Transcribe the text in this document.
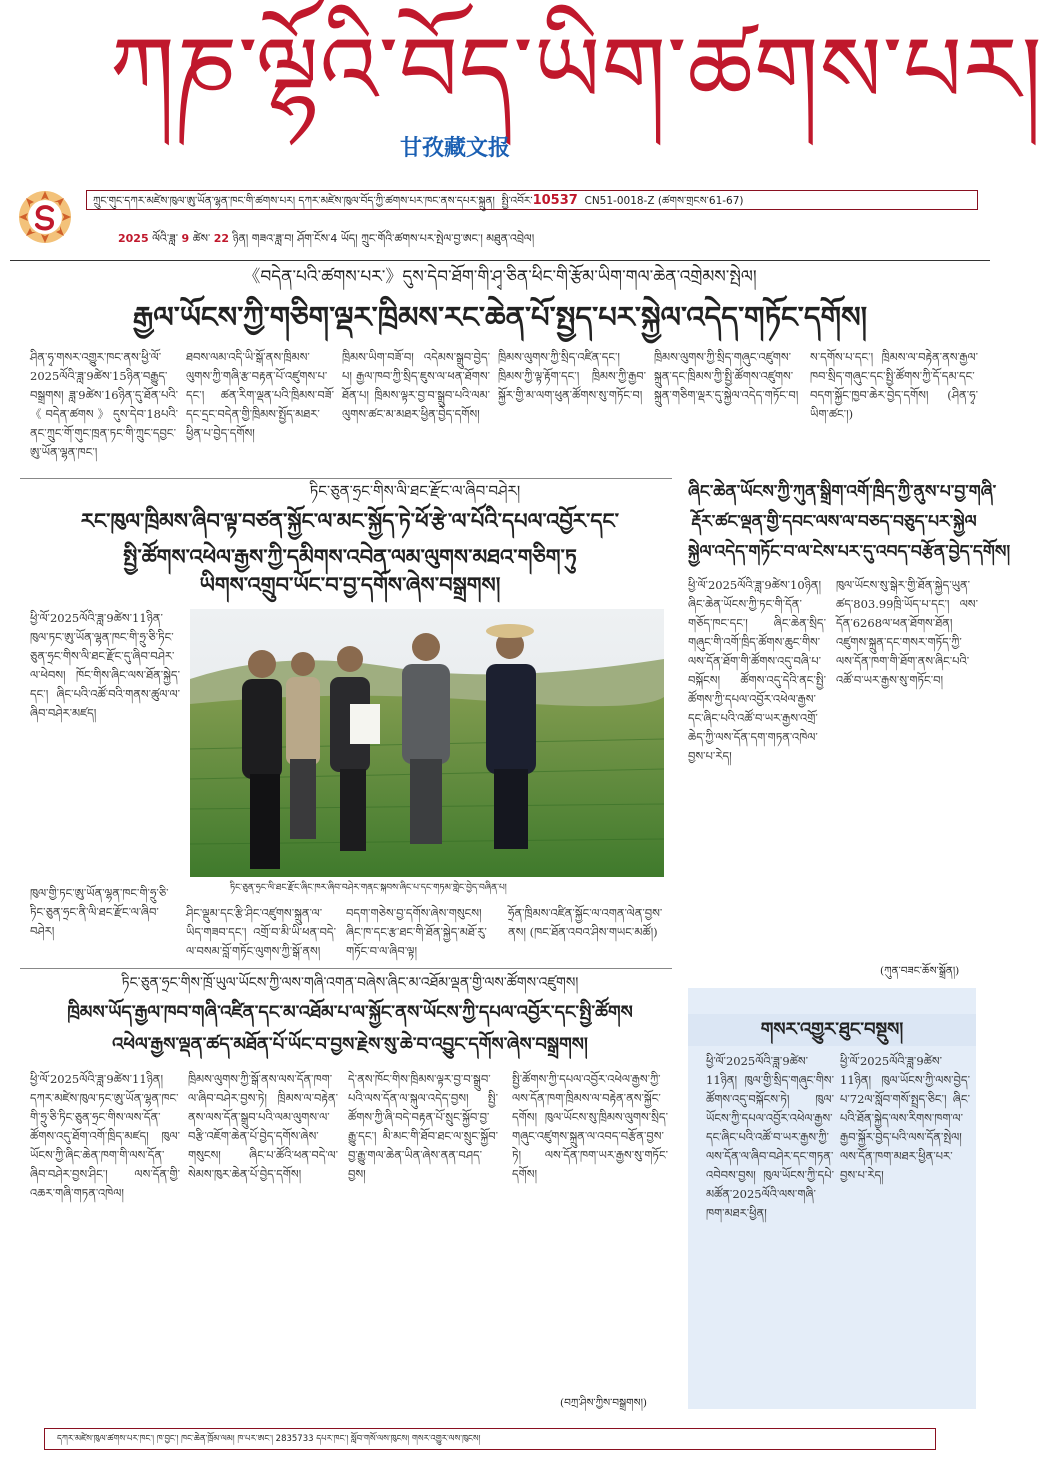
ཀཎ་ལྷོའི་བོད་ཡིག་ཚགས་པར།
甘孜藏文报
ཀྲུང་གུང་དཀར་མཛེས་ཁུལ་ཨུ་ཡོན་ལྷན་ཁང་གི་ཚགས་པར། དཀར་མཛེས་ཁུལ་བོད་ཀྱི་ཚགས་པར་ཁང་ནས་དཔར་སྐྲུན། སྤྱི་འབོར་10537 CN51-0018-Z (ཚགས་གྲངས་61-67)
2025 ལོའི་ཟླ་ 9 ཚེས་ 22 ཉིན། གཟའ་ཟླ་བ། ཤོག་ངོས་4 ཡོད། ཀྲུང་གོའི་ཚགས་པར་སྤེལ་བྱ་ཨང་། མཐུན་འབྲེལ།
《བདེན་པའི་ཚགས་པར་》དུས་དེབ་ཐོག་གི་ཤྭ་ཅིན་ཕིང་གི་རྩོམ་ཡིག་གལ་ཆེན་འགྲེམས་སྤེལ།
རྒྱལ་ཡོངས་ཀྱི་གཅིག་ལྡར་ཁྲིམས་རང་ཆེན་པོ་སྤྱད་པར་སྐྱེལ་འདེད་གཏོང་དགོས།
ཤིན་ཧྭ་གསར་འགྱུར་ཁང་ནས་ཕྱི་ལོ་2025ལོའི་ཟླ་9ཚེས་15ཉིན་བརྒྱུད་བསྒྲགས། ཟླ་9ཚེས་16ཉིན་དུ་ཐོན་པའི་《བདེན་ཚགས》དུས་དེབ་18པའི་ནང་ཀྲུང་གོ་གུང་ཁྲན་ཏང་གི་ཀྲུང་དབྱང་ཨུ་ཡོན་ལྷན་ཁང་།
ཐབས་ལམ་འདི་ཡི་སྒོ་ནས་ཁྲིམས་ལུགས་ཀྱི་གཞི་རྩ་བརྟན་པོ་འཛུགས་པ་དང་། ཚན་རིག་ལྡན་པའི་ཁྲིམས་བཟོ་དང་དྲང་བདེན་གྱི་ཁྲིམས་སྤྱོད་མཐར་ཕྱིན་པ་བྱེད་དགོས།
ཁྲིམས་ཡིག་བཟོ་བ། འདེམས་སྒྲུབ་བྱེད་པ། རྒྱལ་ཁབ་ཀྱི་སྲིད་ཇུས་ལ་ཕན་ཐོགས་ཐོན་པ། ཁྲིམས་ལྟར་བྱ་བ་སྒྲུབ་པའི་ལམ་ལུགས་ཚང་མ་མཐར་ཕྱིན་བྱེད་དགོས།
ཁྲིམས་ལུགས་ཀྱི་སྲིད་འཛིན་དང་། ཁྲིམས་ཀྱི་ལྟ་རྟོག་དང་། ཁྲིམས་ཀྱི་རྒྱབ་སྐྱོར་གྱི་མ་ལག་ཕུན་ཚོགས་སུ་གཏོང་བ།
ཁྲིམས་ལུགས་ཀྱི་སྲིད་གཞུང་འཛུགས་སྐྲུན་དང་ཁྲིམས་ཀྱི་སྤྱི་ཚོགས་འཛུགས་སྐྲུན་གཅིག་ལྡར་དུ་སྐྱེལ་འདེད་གཏོང་བ།
ས་དགོས་པ་དང་། ཁྲིམས་ལ་བརྟེན་ནས་རྒྱལ་ཁབ་སྲིད་གཞུང་དང་སྤྱི་ཚོགས་ཀྱི་དོ་དམ་དང་བདག་སྐྱོང་ཁྱབ་ཆེར་བྱེད་དགོས། (ཤིན་ཧྭ་ཡིག་ཚང་།)
ཏིང་ཅུན་ཧྲང་གིས་ལི་ཐང་རྫོང་ལ་ཞིབ་བཤེར།
རང་ཁུལ་ཁྲིམས་ཞིབ་ལྟ་བཙན་སྐྱོང་ལ་མང་སྐྱོད་ཏེ་ཕོ་རྩེ་ལ་པོའི་དཔལ་འབྱོར་དང་
སྤྱི་ཚོགས་འཕེལ་རྒྱས་ཀྱི་དམིགས་འབེན་ལམ་ལུགས་མཐའ་གཅིག་ཏུ
ཡིགས་འགྲུབ་ཡོང་བ་བྱ་དགོས་ཞེས་བསྒྲགས།
ཕྱི་ལོ་2025ལོའི་ཟླ་9ཚེས་11ཉིན་ཁུལ་ཏང་ཨུ་ཡོན་ལྷན་ཁང་གི་ཧྲུ་ཅི་ཏིང་ཅུན་ཧྲང་གིས་ལི་ཐང་རྫོང་དུ་ཞིབ་བཤེར་ལ་ཕེབས། ཁོང་གིས་ཞིང་ལས་ཐོན་སྐྱེད་དང་། ཞིང་པའི་འཚོ་བའི་གནས་ཚུལ་ལ་ཞིབ་བཤེར་མཛད།
ཁུལ་གྱི་ཏང་ཨུ་ཡོན་ལྷན་ཁང་གི་ཧྲུ་ཅི་ཏིང་ཅུན་ཧྲང་ནི་ལི་ཐང་རྫོང་ལ་ཞིབ་བཤེར།
ཏིང་ཅུན་ཧྲང་ལི་ཐང་རྫོང་ཞིང་ཁར་ཞིབ་བཤེར་གནང་སྐབས་ཞིང་པ་དང་གཏམ་གླེང་བྱེད་བཞིན་པ།
ཤིང་ལྡུམ་དང་རྩི་ཤིང་འཛུགས་སྐྲུན་ལ་ཡིད་གཟབ་དང་། འགྲོ་བ་མི་ཡི་ཕན་བདེ་ལ་བསམ་བློ་གཏོང་ལུགས་ཀྱི་སྒོ་ནས།
བདག་གཅེས་བྱ་དགོས་ཞེས་གསུངས། ཞིང་ཁ་དང་རྩ་ཐང་གི་ཐོན་སྐྱེད་མཐོ་རུ་གཏོང་བ་ལ་ཞིབ་ལྟ།
ཧྲོན་ཁྲིམས་འཛིན་སྐྱོང་ལ་འགན་ལེན་བྱས་ནས། (ཁང་ཐོན་འབའ་ཤིས་གཡང་མཚོ།)
ཞིང་ཆེན་ཡོངས་ཀྱི་ཀུན་སྒྲིག་འགོ་ཁྲིད་ཀྱི་ནུས་པ་བྱ་གཞི་
རྡོར་ཚང་ལྡན་གྱི་དབང་ལས་ལ་བཅད་བཅུད་པར་སྐྱེལ
སྐྱེལ་འདེད་གཏོང་བ་ལ་ངེས་པར་དུ་འབད་བརྩོན་བྱེད་དགོས།
ཕྱི་ལོ་2025ལོའི་ཟླ་9ཚེས་10ཉིན། ཞིང་ཆེན་ཡོངས་ཀྱི་ཏང་གི་དོན་གཅོད་ཁང་དང་། ཞིང་ཆེན་སྲིད་གཞུང་གི་འགོ་ཁྲིད་ཚོགས་ཆུང་གིས་ལས་དོན་ཐོག་གི་ཚོགས་འདུ་བཞི་པ་བསྐོངས། ཚོགས་འདུ་དེའི་ནང་སྤྱི་ཚོགས་ཀྱི་དཔལ་འབྱོར་འཕེལ་རྒྱས་དང་ཞིང་པའི་འཚོ་བ་ཡར་རྒྱས་འགྲོ་ཆེད་ཀྱི་ལས་དོན་དག་གཏན་འཁེལ་བྱས་པ་རེད།
ཁུལ་ཡོངས་སུ་སྒེར་གྱི་ཐོན་སྐྱེད་ཡུན་ཚད་803.99ཁྲི་ཡོད་པ་དང་། ལས་དོན་6268ལ་ཕན་ཐོགས་ཐོན། འཛུགས་སྐྲུན་དང་གསར་གཏོད་ཀྱི་ལས་དོན་ཁག་གི་ཐོག་ནས་ཞིང་པའི་འཚོ་བ་ཡར་རྒྱས་སུ་གཏོང་བ།
(ཀུན་བཟང་ཆོས་སྒྲོན།)
ཏིང་ཅུན་ཧྲང་གིས་ཁྲོ་ཡུལ་ཡོངས་ཀྱི་ལས་གཞི་འགན་བཞེས་ཞིང་མ་འཐོམ་ལྡན་གྱི་ལས་ཚོགས་འཛུགས།
ཁྲིམས་ཡོད་རྒྱལ་ཁབ་གཞི་འཛིན་དང་མ་འཐོམ་པ་ལ་སྐྱོང་ནས་ཡོངས་ཀྱི་དཔལ་འབྱོར་དང་སྤྱི་ཚོགས
འཕེལ་རྒྱས་ལྡན་ཚད་མཐོན་པོ་ཡོང་བ་བྱས་རྗེས་སུ་ཆེ་བ་འབྱུང་དགོས་ཞེས་བསྒྲགས།
ཕྱི་ལོ་2025ལོའི་ཟླ་9ཚེས་11ཉིན། དཀར་མཛེས་ཁུལ་ཏང་ཨུ་ཡོན་ལྷན་ཁང་གི་ཧྲུ་ཅི་ཏིང་ཅུན་ཧྲང་གིས་ལས་དོན་ཚོགས་འདུ་ཐོག་འགོ་ཁྲིད་མཛད། ཁུལ་ཡོངས་ཀྱི་ཞིང་ཆེན་ཁག་གི་ལས་དོན་ཞིབ་བཤེར་བྱས་ཤིང་། ལས་དོན་གྱི་འཆར་གཞི་གཏན་འཁེལ།
ཁྲིམས་ལུགས་ཀྱི་སྒོ་ནས་ལས་དོན་ཁག་ལ་ཞིབ་བཤེར་བྱས་ཏེ། ཁྲིམས་ལ་བརྟེན་ནས་ལས་དོན་སྒྲུབ་པའི་ལམ་ལུགས་ལ་བརྩི་འཇོག་ཆེན་པོ་བྱེད་དགོས་ཞེས་གསུངས། ཞིང་པ་ཚོའི་ཕན་བདེ་ལ་སེམས་ཁུར་ཆེན་པོ་བྱེད་དགོས།
དེ་ནས་ཁོང་གིས་ཁྲིམས་ལྟར་བྱ་བ་སྒྲུབ་པའི་ལས་དོན་ལ་སྐུལ་འདེད་བྱས། སྤྱི་ཚོགས་ཀྱི་ཞི་བདེ་བརྟན་པོ་སྲུང་སྐྱོབ་བྱ་རྒྱུ་དང་། མི་མང་གི་ཐོབ་ཐང་ལ་སྲུང་སྐྱོབ་བྱ་རྒྱུ་གལ་ཆེན་ཡིན་ཞེས་ནན་བཤད་བྱས།
སྤྱི་ཚོགས་ཀྱི་དཔལ་འབྱོར་འཕེལ་རྒྱས་ཀྱི་ལས་དོན་ཁག་ཁྲིམས་ལ་བརྟེན་ནས་སྐྱོང་དགོས། ཁུལ་ཡོངས་སུ་ཁྲིམས་ལུགས་སྲིད་གཞུང་འཛུགས་སྐྲུན་ལ་འབད་བརྩོན་བྱས་ཏེ། ལས་དོན་ཁག་ཡར་རྒྱས་སུ་གཏོང་དགོས།
(བཀྲ་ཤིས་ཀྱིས་བསྒྲགས།)
གསར་འགྱུར་ཐུང་བསྡུས།
ཕྱི་ལོ་2025ལོའི་ཟླ་9ཚེས་11ཉིན། ཁུལ་གྱི་སྲིད་གཞུང་གིས་ཚོགས་འདུ་བསྐོངས་ཏེ། ཁུལ་ཡོངས་ཀྱི་དཔལ་འབྱོར་འཕེལ་རྒྱས་དང་ཞིང་པའི་འཚོ་བ་ཡར་རྒྱས་ཀྱི་ལས་དོན་ལ་ཞིབ་བཤེར་དང་གཏན་འབེབས་བྱས། ཁུལ་ཡོངས་ཀྱི་དཔེ་མཚོན་2025ལོའི་ལས་གཞི་ཁག་མཐར་ཕྱིན།
ཕྱི་ལོ་2025ལོའི་ཟླ་9ཚེས་11ཉིན། ཁུལ་ཡོངས་ཀྱི་ལས་བྱེད་པ་72ལ་སློབ་གསོ་སྤྲད་ཅིང་། ཞིང་པའི་ཐོན་སྐྱེད་ལས་རིགས་ཁག་ལ་རྒྱབ་སྐྱོར་བྱེད་པའི་ལས་དོན་སྤེལ། ལས་དོན་ཁག་མཐར་ཕྱིན་པར་བྱས་པ་རེད།
དཀར་མཛེས་ཁུལ་ཚགས་པར་ཁང་། ཁ་བྱང་། ཁང་ཆེན་ཁྲོམ་ལམ། ཁ་པར་ཨང་། 2835733 དཔར་ཁང་། སློབ་གསོ་ལས་ཁུངས། གསར་འགྱུར་ལས་ཁུངས།
